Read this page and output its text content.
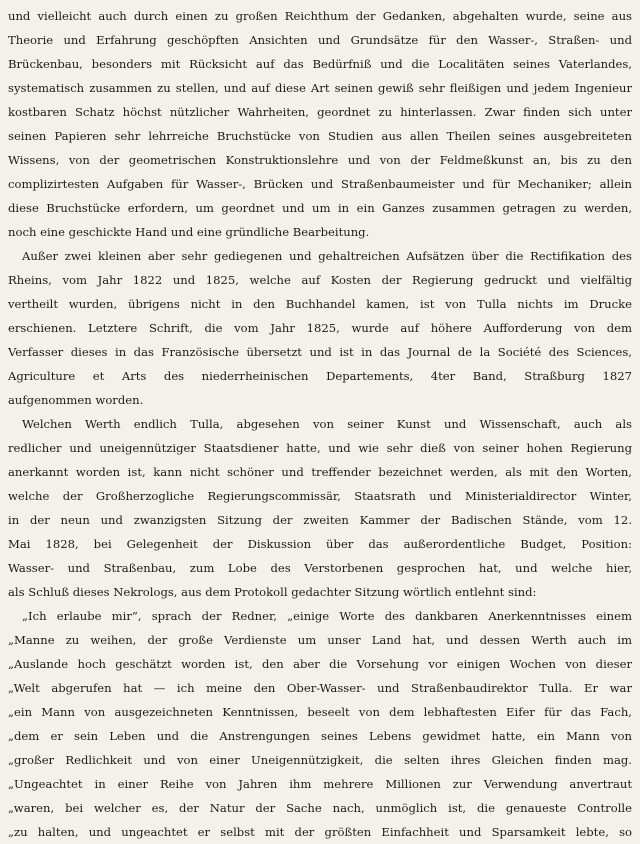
und vielleicht auch durch einen zu großen Reichthum der Gedanken, abgehalten wurde, seine aus
Theorie und Erfahrung geschöpften Ansichten und Grundsätze für den Wasser-, Straßen- und
Brückenbau, besonders mit Rücksicht auf das Bedürfniß und die Localitäten seines Vaterlandes,
systematisch zusammen zu stellen, und auf diese Art seinen gewiß sehr fleißigen und jedem Ingenieur
kostbaren Schatz höchst nützlicher Wahrheiten, geordnet zu hinterlassen. Zwar finden sich unter
seinen Papieren sehr lehrreiche Bruchstücke von Studien aus allen Theilen seines ausgebreiteten
Wissens, von der geometrischen Konstruktionslehre und von der Feldmeßkunst an, bis zu den
complizirtesten Aufgaben für Wasser-, Brücken und Straßenbaumeister und für Mechaniker; allein
diese Bruchstücke erfordern, um geordnet und um in ein Ganzes zusammen getragen zu werden,
noch eine geschickte Hand und eine gründliche Bearbeitung.
Außer zwei kleinen aber sehr gediegenen und gehaltreichen Aufsätzen über die Rectifikation des
Rheins, vom Jahr 1822 und 1825, welche auf Kosten der Regierung gedruckt und vielfältig
vertheilt wurden, übrigens nicht in den Buchhandel kamen, ist von Tulla nichts im Drucke
erschienen. Letztere Schrift, die vom Jahr 1825, wurde auf höhere Aufforderung von dem
Verfasser dieses in das Französische übersetzt und ist in das Journal de la Société des Sciences,
Agriculture et Arts des niederrheinischen Departements, 4ter Band, Straßburg 1827
aufgenommen worden.
Welchen Werth endlich Tulla, abgesehen von seiner Kunst und Wissenschaft, auch als
redlicher und uneigennütziger Staatsdiener hatte, und wie sehr dieß von seiner hohen Regierung
anerkannt worden ist, kann nicht schöner und treffender bezeichnet werden, als mit den Worten,
welche der Großherzogliche Regierungscommissär, Staatsrath und Ministerialdirector Winter,
in der neun und zwanzigsten Sitzung der zweiten Kammer der Badischen Stände, vom 12.
Mai 1828, bei Gelegenheit der Diskussion über das außerordentliche Budget, Position:
Wasser- und Straßenbau, zum Lobe des Verstorbenen gesprochen hat, und welche hier,
als Schluß dieses Nekrologs, aus dem Protokoll gedachter Sitzung wörtlich entlehnt sind:
„Ich erlaube mir“, sprach der Redner, „einige Worte des dankbaren Anerkenntnisses einem
„Manne zu weihen, der große Verdienste um unser Land hat, und dessen Werth auch im
„Auslande hoch geschätzt worden ist, den aber die Vorsehung vor einigen Wochen von dieser
„Welt abgerufen hat — ich meine den Ober-Wasser- und Straßenbaudirektor Tulla. Er war
„ein Mann von ausgezeichneten Kenntnissen, beseelt von dem lebhaftesten Eifer für das Fach,
„dem er sein Leben und die Anstrengungen seines Lebens gewidmet hatte, ein Mann von
„großer Redlichkeit und von einer Uneigennützigkeit, die selten ihres Gleichen finden mag.
„Ungeachtet in einer Reihe von Jahren ihm mehrere Millionen zur Verwendung anvertraut
„waren, bei welcher es, der Natur der Sache nach, unmöglich ist, die genaueste Controlle
„zu halten, und ungeachtet er selbst mit der größten Einfachheit und Sparsamkeit lebte, so
